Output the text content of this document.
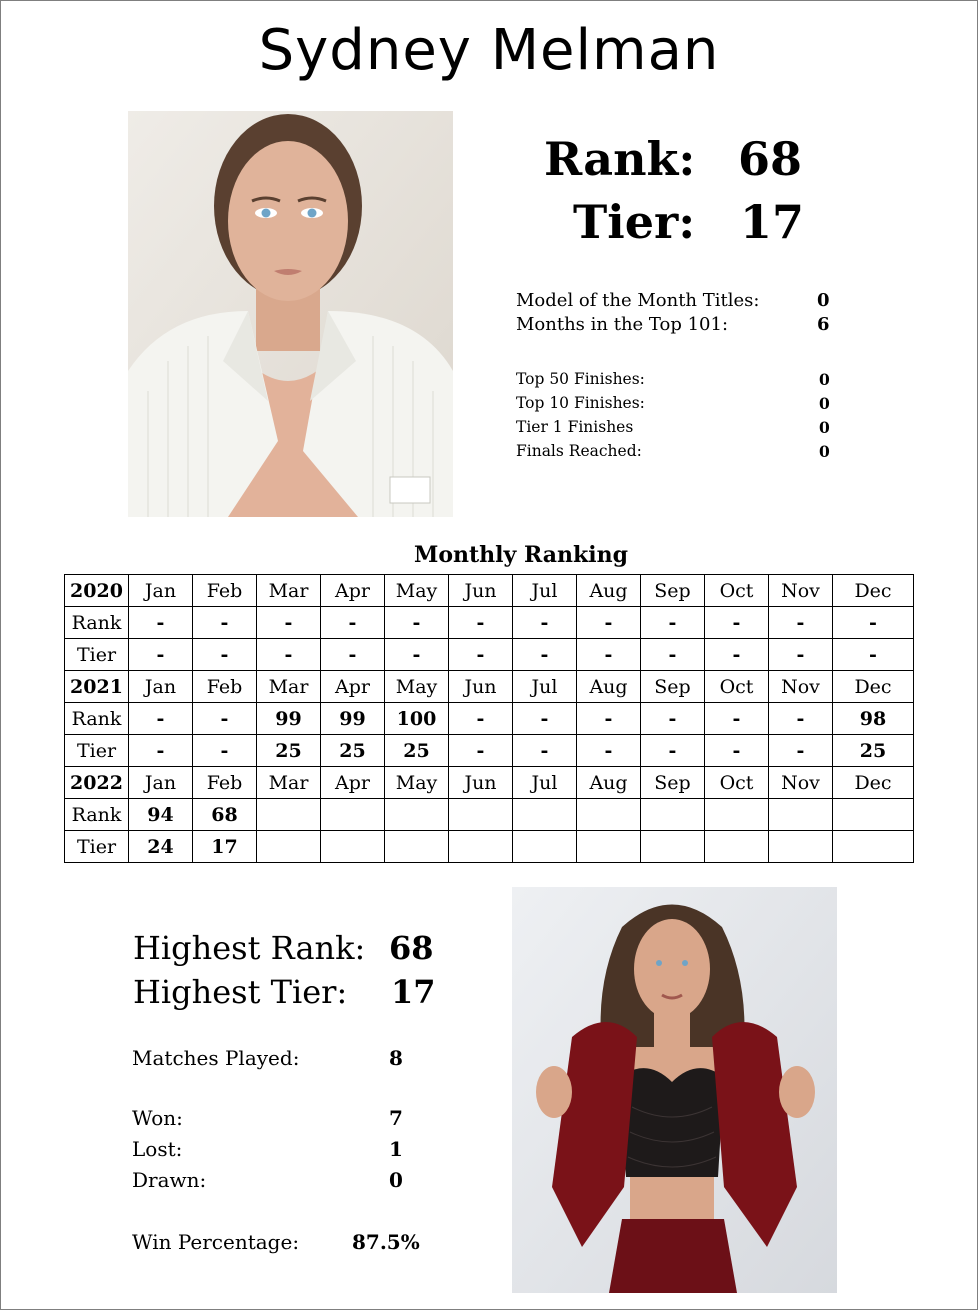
Sydney Melman
Rank: 68
Tier: 17
Model of the Month Titles:	0
Months in the Top 101:	6
Top 50 Finishes:	0
Top 10 Finishes:	0
Tier 1 Finishes	0
Finals Reached:	0
Monthly Ranking
2020	Jan	Feb	Mar	Apr	May	Jun	Jul	Aug	Sep	Oct	Nov	Dec
Rank	-	-	-	-	-	-	-	-	-	-	-	-
Tier	-	-	-	-	-	-	-	-	-	-	-	-
2021	Jan	Feb	Mar	Apr	May	Jun	Jul	Aug	Sep	Oct	Nov	Dec
Rank	-	-	99	99	100	-	-	-	-	-	-	98
Tier	-	-	25	25	25	-	-	-	-	-	-	25
2022	Jan	Feb	Mar	Apr	May	Jun	Jul	Aug	Sep	Oct	Nov	Dec
Rank	94	68										
Tier	24	17										
Highest Rank: 68
Highest Tier: 17
Matches Played:	8
Won:	7
Lost:	1
Drawn:	0
Win Percentage:	87.5%
